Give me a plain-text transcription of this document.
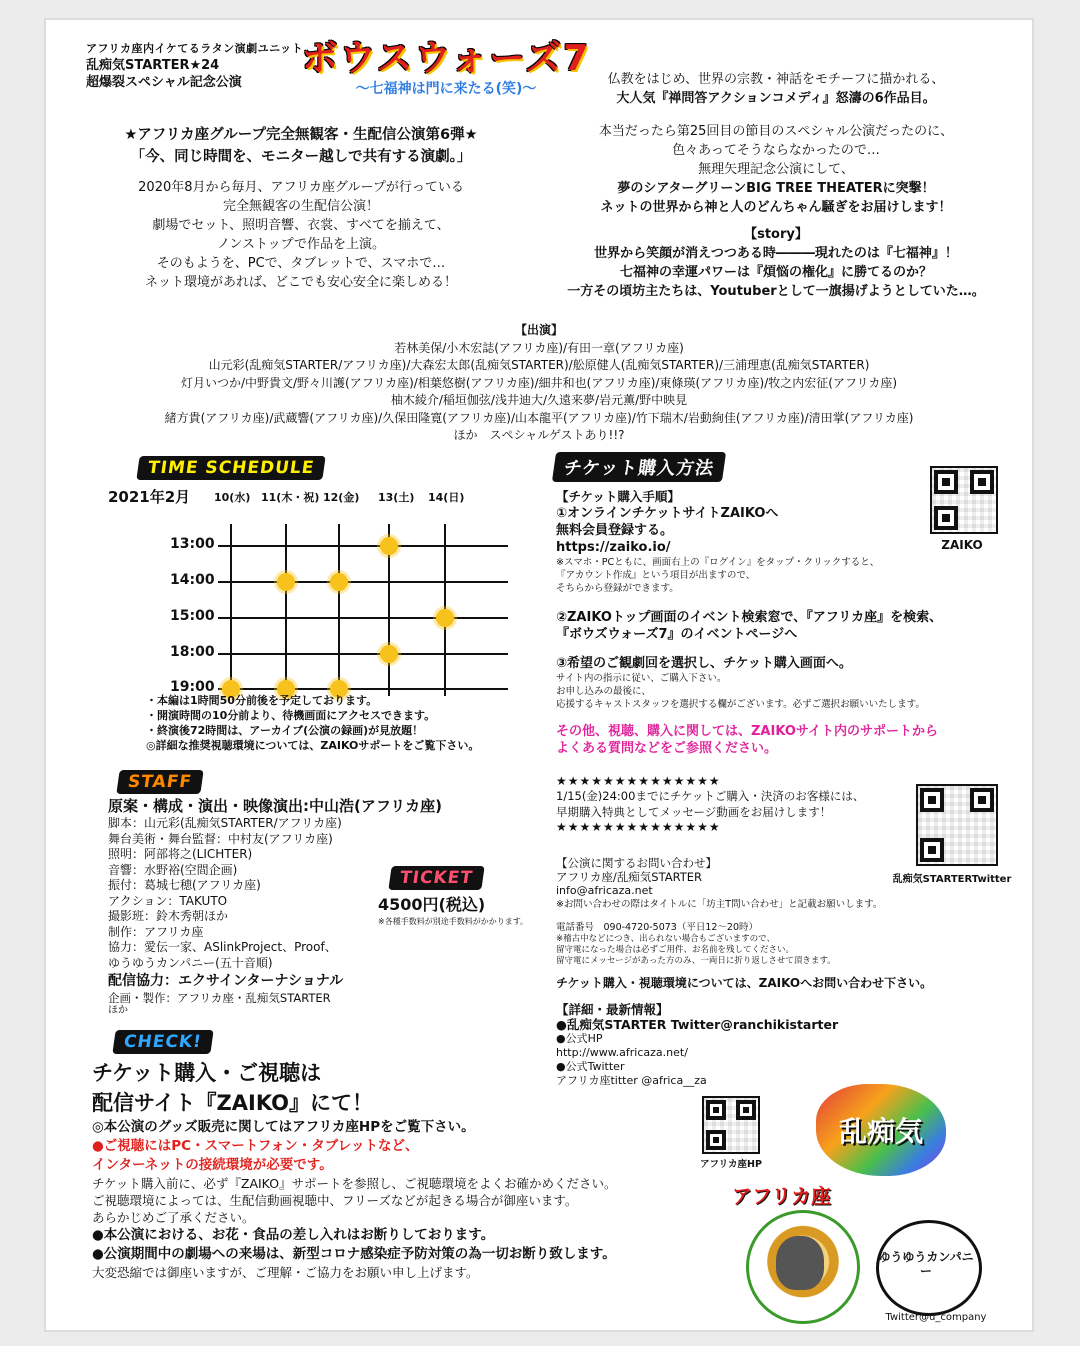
アフリカ座内イケてるラタン演劇ユニット
乱痴気STARTER★24
超爆裂スペシャル記念公演
ボウスウォーズ7
〜七福神は門に来たる(笑)〜
★アフリカ座グループ完全無観客・生配信公演第6弾★
「今、同じ時間を、モニター越しで共有する演劇。」
2020年8月から毎月、アフリカ座グループが行っている
完全無観客の生配信公演！
劇場でセット、照明音響、衣裳、すべてを揃えて、
ノンストップで作品を上演。
そのもようを、PCで、タブレットで、スマホで…
ネット環境があれば、どこでも安心安全に楽しめる！
仏教をはじめ、世界の宗教・神話をモチーフに描かれる、
大人気『禅問答アクションコメディ』怒濤の6作品目。
本当だったら第25回目の節目のスペシャル公演だったのに、
色々あってそうならなかったので…
無理矢理記念公演にして、
夢のシアターグリーンBIG TREE THEATERに突撃！
ネットの世界から神と人のどんちゃん騒ぎをお届けします！
【story】
世界から笑顔が消えつつある時―――現れたのは『七福神』！
七福神の幸運パワーは『煩悩の権化』に勝てるのか？
一方その頃坊主たちは、Youtuberとして一旗揚げようとしていた…。
【出演】
若林美保/小木宏誌(アフリカ座)/有田一章(アフリカ座)
山元彩(乱痴気STARTER/アフリカ座)/大森宏太郎(乱痴気STARTER)/舩原健人(乱痴気STARTER)/三浦理恵(乱痴気STARTER)
灯月いつか/中野貴文/野々川護(アフリカ座)/相葉悠樹(アフリカ座)/細井和也(アフリカ座)/東條瑛(アフリカ座)/牧之内宏征(アフリカ座)
柚木綾介/稲垣伽弦/浅井迪大/久遠来夢/岩元薫/野中映見
緒方貴(アフリカ座)/武蔵響(アフリカ座)/久保田隆寛(アフリカ座)/山本龍平(アフリカ座)/竹下瑞木/岩動絢佳(アフリカ座)/清田掌(アフリカ座)
ほか　スペシャルゲストあり!!?
TIME SCHEDULE
2021年2月 10(水) 11(木・祝) 12(金) 13(土) 14(日)
13:00
14:00
15:00
18:00
19:00
・本編は1時間50分前後を予定しております。
・開演時間の10分前より、待機画面にアクセスできます。
・終演後72時間は、アーカイブ(公演の録画)が見放題！
◎詳細な推奨視聴環境については、ZAIKOサポートをご覧下さい。
STAFF
原案・構成・演出・映像演出:中山浩(アフリカ座)
脚本：山元彩(乱痴気STARTER/アフリカ座)
舞台美術・舞台監督：中村友(アフリカ座)
照明：阿部将之(LICHTER)
音響：水野裕(空間企画)
振付：葛城七穂(アフリカ座)
アクション：TAKUTO
撮影班：鈴木秀朝ほか
制作：アフリカ座
協力：愛伝一家、ASlinkProject、Proof、
ゆうゆうカンパニー(五十音順)
配信協力：エクサインターナショナル
企画・製作：アフリカ座・乱痴気STARTER
ほか
TICKET
4500円(税込)
※各種手数料が別途手数料がかかります。
CHECK!
チケット購入・ご視聴は
配信サイト『ZAIKO』にて！
◎本公演のグッズ販売に関してはアフリカ座HPをご覧下さい。
●ご視聴にはPC・スマートフォン・タブレットなど、
インターネットの接続環境が必要です。
チケット購入前に、必ず『ZAIKO』サポートを参照し、ご視聴環境をよくお確かめください。
ご視聴環境によっては、生配信動画視聴中、フリーズなどが起きる場合が御座います。
あらかじめご了承ください。
●本公演における、お花・食品の差し入れはお断りしております。
●公演期間中の劇場への来場は、新型コロナ感染症予防対策の為一切お断り致します。
大変恐縮では御座いますが、ご理解・ご協力をお願い申し上げます。
チケット購入方法
【チケット購入手順】
①オンラインチケットサイトZAIKOへ
無料会員登録する。
https://zaiko.io/
※スマホ・PCともに、画面右上の『ログイン』をタップ・クリックすると、
『アカウント作成』という項目が出ますので、
そちらから登録ができます。
②ZAIKOトップ画面のイベント検索窓で、『アフリカ座』を検索、
『ボウズウォーズ7』のイベントページへ
③希望のご観劇回を選択し、チケット購入画面へ。
サイト内の指示に従い、ご購入下さい。
お申し込みの最後に、
応援するキャストスタッフを選択する欄がございます。必ずご選択お願いいたします。
その他、視聴、購入に関しては、ZAIKOサイト内のサポートから
よくある質問などをご参照ください。
ZAIKO
★★★★★★★★★★★★★★
1/15(金)24:00までにチケットご購入・決済のお客様には、
早期購入特典としてメッセージ動画をお届けします！
★★★★★★★★★★★★★★
乱痴気STARTERTwitter
【公演に関するお問い合わせ】
アフリカ座/乱痴気STARTER
info@africaza.net
※お問い合わせの際はタイトルに「坊主T問い合わせ」と記載お願いします。
電話番号　090-4720-5073（平日12〜20時）
※稽古中などにつき、出られない場合もございますので、
留守電になった場合は必ずご用件、お名前を残してください。
留守電にメッセージがあった方のみ、一両日に折り返しさせて頂きます。
チケット購入・視聴環境については、ZAIKOへお問い合わせ下さい。
【詳細・最新情報】
●乱痴気STARTER Twitter@ranchikistarter
●公式HP
http://www.africaza.net/
●公式Twitter
アフリカ座titter @africa__za
アフリカ座HP
乱痴気
アフリカ座
ゆうゆうカンパニー
Twitter@u_company
